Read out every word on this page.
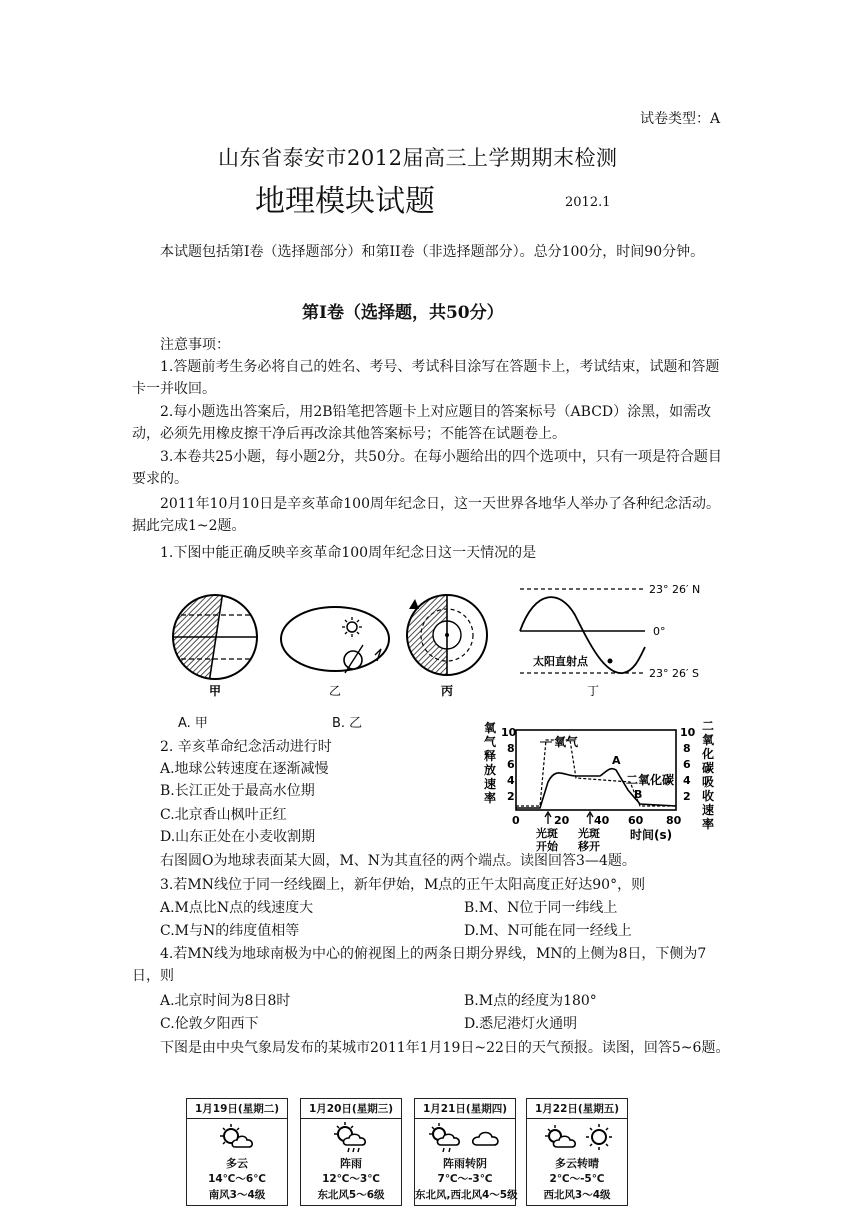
试卷类型：A
山东省泰安市2012届高三上学期期末检测
地理模块试题	2012.1

本试题包括第I卷（选择题部分）和第II卷（非选择题部分）。总分100分，时间90分钟。

第I卷（选择题，共50分）
注意事项：

1.答题前考生务必将自己的姓名、考号、考试科目涂写在答题卡上，考试结束，试题和答题卡一并收回。

2.每小题选出答案后，用2B铅笔把答题卡上对应题目的答案标号（ABCD）涂黑，如需改动，必须先用橡皮擦干净后再改涂其他答案标号；不能答在试题卷上。

3.本卷共25小题，每小题2分，共50分。在每小题给出的四个选项中，只有一项是符合题目要求的。

2011年10月10日是辛亥革命100周年纪念日，这一天世界各地华人举办了各种纪念活动。据此完成1~2题。

1.下图中能正确反映辛亥革命100周年纪念日这一天情况的是
23° 26′ N
0°
23° 26′ S
太阳直射点
甲	乙	丙	丁
A. 甲	B. 乙
2. 辛亥革命纪念活动进行时
A.地球公转速度在逐渐减慢
B.长江正处于最高水位期
C.北京香山枫叶正红
D.山东正处在小麦收割期
氧
气
释
放
速
率
二
氧
化
碳
吸
收
速
率
10
8
6
4
2
10
8
6
4
2
氧气
A
二氧化碳
B
0	20 40 60 80
时间(s)
光斑
开始
光斑
移开
右图圆O为地球表面某大圆，M、N为其直径的两个端点。读图回答3—4题。
3.若MN线位于同一经线圈上，新年伊始，M点的正午太阳高度正好达90°，则
A.M点比N点的线速度大	B.M、N位于同一纬线上
C.M与N的纬度值相等	D.M、N可能在同一经线上

4.若MN线为地球南极为中心的俯视图上的两条日期分界线，MN的上侧为8日，下侧为7日，则

A.北京时间为8日8时	B.M点的经度为180°
C.伦敦夕阳西下	D.悉尼港灯火通明

下图是由中央气象局发布的某城市2011年1月19日~22日的天气预报。读图，回答5~6题。

1月19日(星期二)
多云
14℃～6℃
南风3～4级
1月20日(星期三)
阵雨
12℃～3℃
东北风5～6级
1月21日(星期四)
阵雨转阴
7℃～-3℃
东北风,西北风4～5级
1月22日(星期五)
多云转晴
2℃～-5℃
西北风3～4级
